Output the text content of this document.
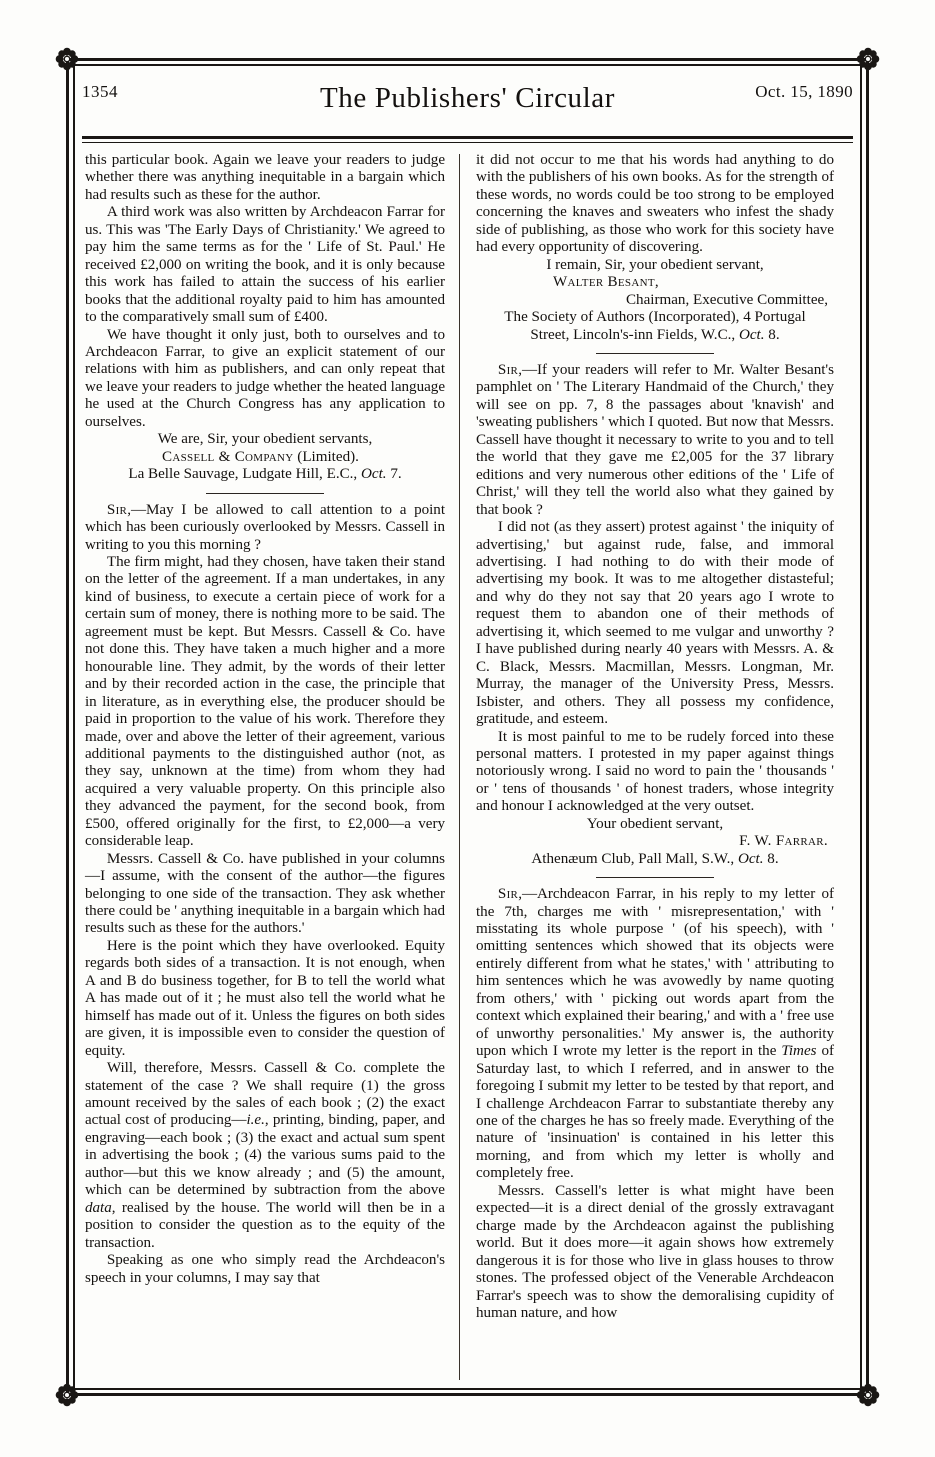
1354	The Publishers' Circular	Oct. 15, 1890

this particular book. Again we leave your readers to judge whether there was anything inequitable in a bargain which had results such as these for the author.

A third work was also written by Archdeacon Farrar for us. This was 'The Early Days of Christianity.' We agreed to pay him the same terms as for the ' Life of St. Paul.' He received £2,000 on writing the book, and it is only because this work has failed to attain the success of his earlier books that the additional royalty paid to him has amounted to the comparatively small sum of £400.

We have thought it only just, both to ourselves and to Archdeacon Farrar, to give an explicit statement of our relations with him as publishers, and can only repeat that we leave your readers to judge whether the heated language he used at the Church Congress has any application to ourselves.

We are, Sir, your obedient servants,

Cassell & Company (Limited).

La Belle Sauvage, Ludgate Hill, E.C., Oct. 7.

Sir,—May I be allowed to call attention to a point which has been curiously overlooked by Messrs. Cassell in writing to you this morning ?

The firm might, had they chosen, have taken their stand on the letter of the agreement. If a man undertakes, in any kind of business, to execute a certain piece of work for a certain sum of money, there is nothing more to be said. The agreement must be kept. But Messrs. Cassell & Co. have not done this. They have taken a much higher and a more honourable line. They admit, by the words of their letter and by their recorded action in the case, the principle that in literature, as in everything else, the producer should be paid in proportion to the value of his work. Therefore they made, over and above the letter of their agreement, various additional payments to the distinguished author (not, as they say, unknown at the time) from whom they had acquired a very valuable property. On this principle also they advanced the payment, for the second book, from £500, offered originally for the first, to £2,000—a very considerable leap.

Messrs. Cassell & Co. have published in your columns—I assume, with the consent of the author—the figures belonging to one side of the transaction. They ask whether there could be ' anything inequitable in a bargain which had results such as these for the authors.'

Here is the point which they have overlooked. Equity regards both sides of a transaction. It is not enough, when A and B do business together, for B to tell the world what A has made out of it ; he must also tell the world what he himself has made out of it. Unless the figures on both sides are given, it is impossible even to consider the question of equity.

Will, therefore, Messrs. Cassell & Co. complete the statement of the case ? We shall require (1) the gross amount received by the sales of each book ; (2) the exact actual cost of producing—i.e., printing, binding, paper, and engraving—each book ; (3) the exact and actual sum spent in advertising the book ; (4) the various sums paid to the author—but this we know already ; and (5) the amount, which can be determined by subtraction from the above data, realised by the house. The world will then be in a position to consider the question as to the equity of the transaction.

Speaking as one who simply read the Archdeacon's speech in your columns, I may say that

it did not occur to me that his words had anything to do with the publishers of his own books. As for the strength of these words, no words could be too strong to be employed concerning the knaves and sweaters who infest the shady side of publishing, as those who work for this society have had every opportunity of discovering.

I remain, Sir, your obedient servant,

Walter Besant,

Chairman, Executive Committee,

The Society of Authors (Incorporated), 4 Portugal

Street, Lincoln's-inn Fields, W.C., Oct. 8.

Sir,—If your readers will refer to Mr. Walter Besant's pamphlet on ' The Literary Handmaid of the Church,' they will see on pp. 7, 8 the passages about 'knavish' and 'sweating publishers ' which I quoted. But now that Messrs. Cassell have thought it necessary to write to you and to tell the world that they gave me £2,005 for the 37 library editions and very numerous other editions of the ' Life of Christ,' will they tell the world also what they gained by that book ?

I did not (as they assert) protest against ' the iniquity of advertising,' but against rude, false, and immoral advertising. I had nothing to do with their mode of advertising my book. It was to me altogether distasteful; and why do they not say that 20 years ago I wrote to request them to abandon one of their methods of advertising it, which seemed to me vulgar and unworthy ? I have published during nearly 40 years with Messrs. A. & C. Black, Messrs. Macmillan, Messrs. Longman, Mr. Murray, the manager of the University Press, Messrs. Isbister, and others. They all possess my confidence, gratitude, and esteem.

It is most painful to me to be rudely forced into these personal matters. I protested in my paper against things notoriously wrong. I said no word to pain the ' thousands ' or ' tens of thousands ' of honest traders, whose integrity and honour I acknowledged at the very outset.

Your obedient servant,

F. W. Farrar.

Athenæum Club, Pall Mall, S.W., Oct. 8.

Sir,—Archdeacon Farrar, in his reply to my letter of the 7th, charges me with ' misrepresentation,' with ' misstating its whole purpose ' (of his speech), with ' omitting sentences which showed that its objects were entirely different from what he states,' with ' attributing to him sentences which he was avowedly by name quoting from others,' with ' picking out words apart from the context which explained their bearing,' and with a ' free use of unworthy personalities.' My answer is, the authority upon which I wrote my letter is the report in the Times of Saturday last, to which I referred, and in answer to the foregoing I submit my letter to be tested by that report, and I challenge Archdeacon Farrar to substantiate thereby any one of the charges he has so freely made. Everything of the nature of 'insinuation' is contained in his letter this morning, and from which my letter is wholly and completely free.

Messrs. Cassell's letter is what might have been expected—it is a direct denial of the grossly extravagant charge made by the Archdeacon against the publishing world. But it does more—it again shows how extremely dangerous it is for those who live in glass houses to throw stones. The professed object of the Venerable Archdeacon Farrar's speech was to show the demoralising cupidity of human nature, and how
